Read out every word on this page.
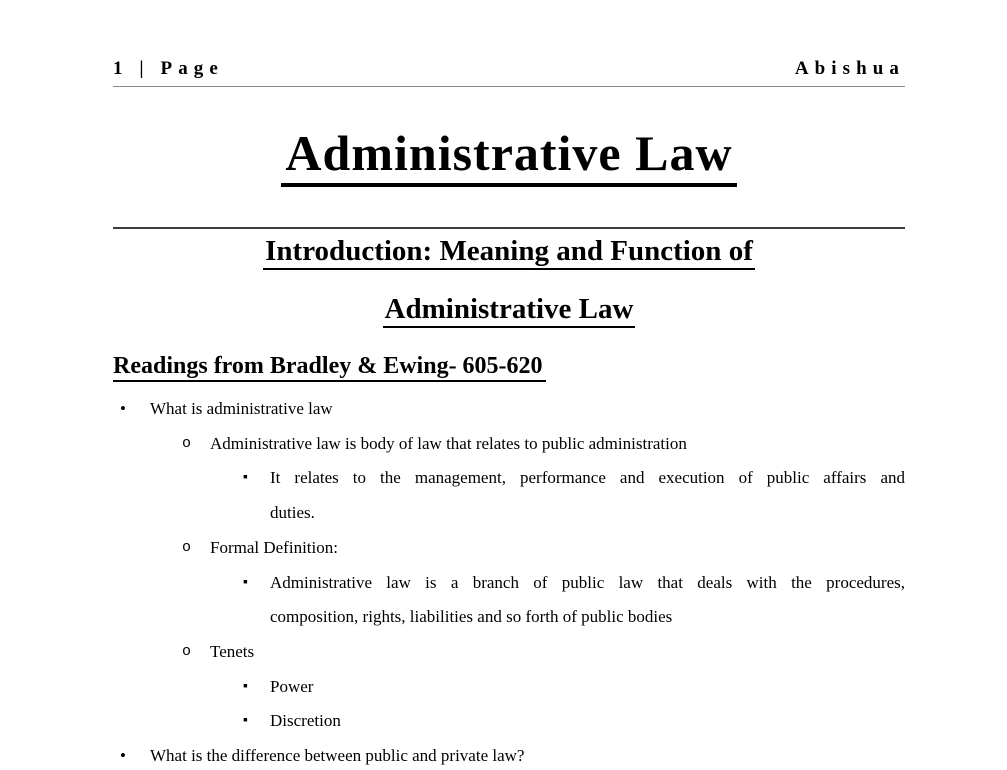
1 | Page	Abishua
Administrative Law
Introduction: Meaning and Function of
Administrative Law
Readings from Bradley & Ewing- 605-620
• What is administrative law
o Administrative law is body of law that relates to public administration
▪ It relates to the management, performance and execution of public affairs and
duties.
o Formal Definition:
▪ Administrative law is a branch of public law that deals with the procedures,
composition, rights, liabilities and so forth of public bodies
o Tenets
▪ Power
▪ Discretion
• What is the difference between public and private law?
